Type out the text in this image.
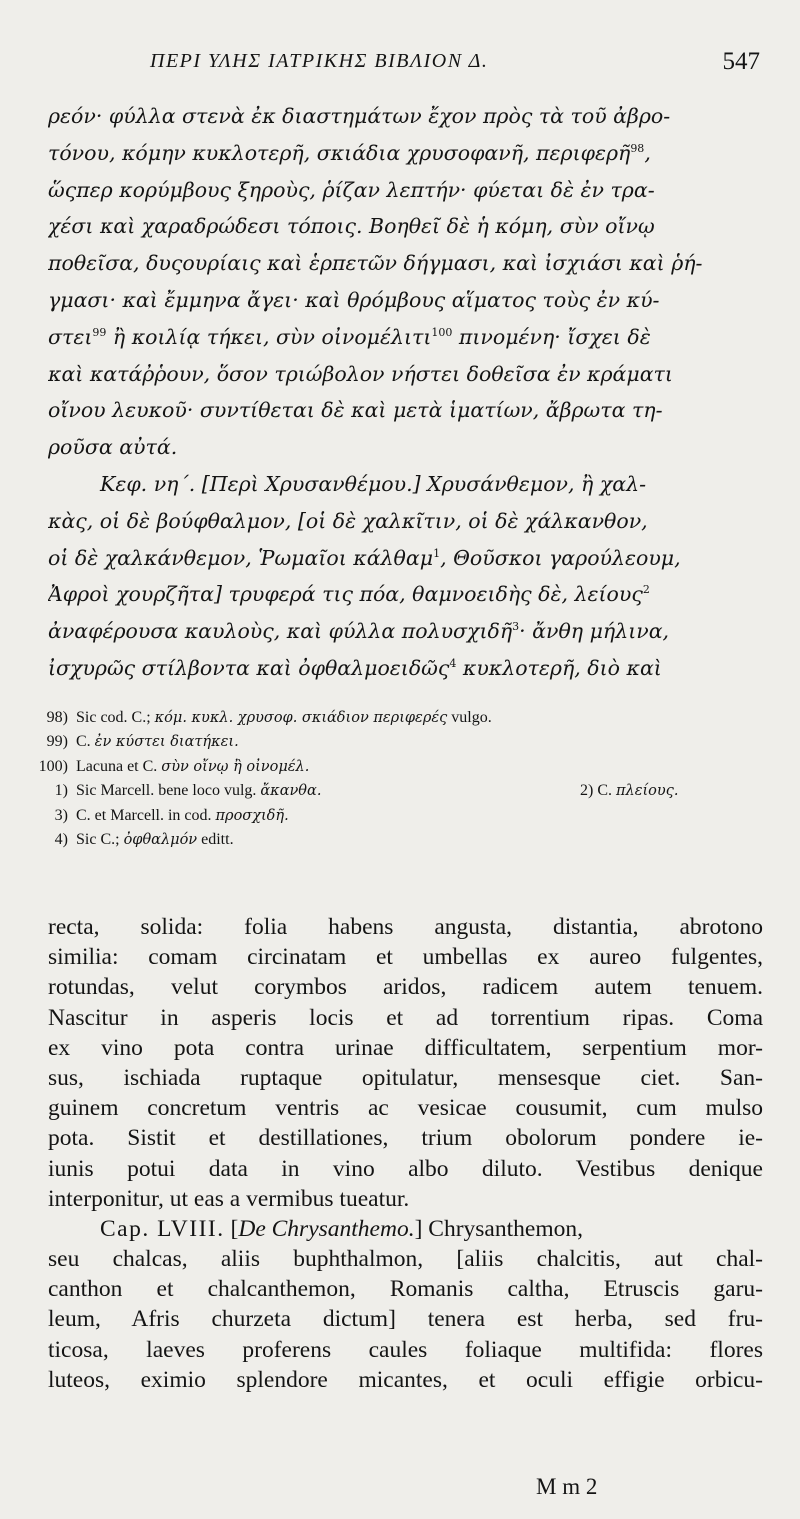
ΠΕΡΙ ΥΛΗΣ ΙΑΤΡΙΚΗΣ ΒΙΒΛΙΟΝ Δ.	547
ρεόν· φύλλα στενὰ ἐκ διαστημάτων ἔχον πρὸς τὰ τοῦ ἀβρο-
τόνου, κόμην κυκλοτερῆ, σκιάδια χρυσοφανῆ, περιφερῆ$^{98}$,
ὥςπερ κορύμβους ξηροὺς, ῥίζαν λεπτήν· φύεται δὲ ἐν τρα-
χέσι καὶ χαραδρώδεσι τόποις. Βοηθεῖ δὲ ἡ κόμη, σὺν οἴνῳ
ποθεῖσα, δυςουρίαις καὶ ἑρπετῶν δήγμασι, καὶ ἰσχιάσι καὶ ῥή-
γμασι· καὶ ἔμμηνα ἄγει· καὶ θρόμβους αἵματος τοὺς ἐν κύ-
στει$^{99}$ ἢ κοιλίᾳ τήκει, σὺν οἰνομέλιτι$^{100}$ πινομένη· ἴσχει δὲ
καὶ κατάῤῥουν, ὅσον τριώβολον νήστει δοθεῖσα ἐν κράματι
οἴνου λευκοῦ· συντίθεται δὲ καὶ μετὰ ἱματίων, ἄβρωτα τη-
ροῦσα αὐτά.
Κεφ. νη΄. [Περὶ Χρυσανθέμου.] Χρυσάνθεμον, ἢ χαλ-
κὰς, οἱ δὲ βούφθαλμον, [οἱ δὲ χαλκῖτιν, οἱ δὲ χάλκανθον,
οἱ δὲ χαλκάνθεμον, Ῥωμαῖοι κάλθαμ$^1$, Θοῦσκοι γαρούλεουμ,
Ἀφροὶ χουρζῆτα] τρυφερά τις πόα, θαμνοειδὴς δὲ, λείους$^2$
ἀναφέρουσα καυλοὺς, καὶ φύλλα πολυσχιδῆ$^3$· ἄνθη μήλινα,
ἰσχυρῶς στίλβοντα καὶ ὀφθαλμοειδῶς$^4$ κυκλοτερῆ, διὸ καὶ
98) Sic cod. C.; κόμ. κυκλ. χρυσοφ. σκιάδιον περιφερές vulgo.
99) C. ἐν κύστει διατήκει.
100) Lacuna et C. σὺν οἴνῳ ἢ οἰνομέλ.
1) Sic Marcell. bene loco vulg. ἄκανθα.	2) C. πλείους.
3) C. et Marcell. in cod. προσχιδῆ.
4) Sic C.; ὀφθαλμόν editt.
recta, solida: folia habens angusta, distantia, abrotono
similia: comam circinatam et umbellas ex aureo fulgentes,
rotundas, velut corymbos aridos, radicem autem tenuem.
Nascitur in asperis locis et ad torrentium ripas. Coma
ex vino pota contra urinae difficultatem, serpentium mor-
sus, ischiada ruptaque opitulatur, mensesque ciet. San-
guinem concretum ventris ac vesicae cousumit, cum mulso
pota. Sistit et destillationes, trium obolorum pondere ie-
iunis potui data in vino albo diluto. Vestibus denique
interponitur, ut eas a vermibus tueatur.
Cap. LVIII. [De Chrysanthemo.] Chrysanthemon,
seu chalcas, aliis buphthalmon, [aliis chalcitis, aut chal-
canthon et chalcanthemon, Romanis caltha, Etruscis garu-
leum, Afris churzeta dictum] tenera est herba, sed fru-
ticosa, laeves proferens caules foliaque multifida: flores
luteos, eximio splendore micantes, et oculi effigie orbicu-
M m 2
